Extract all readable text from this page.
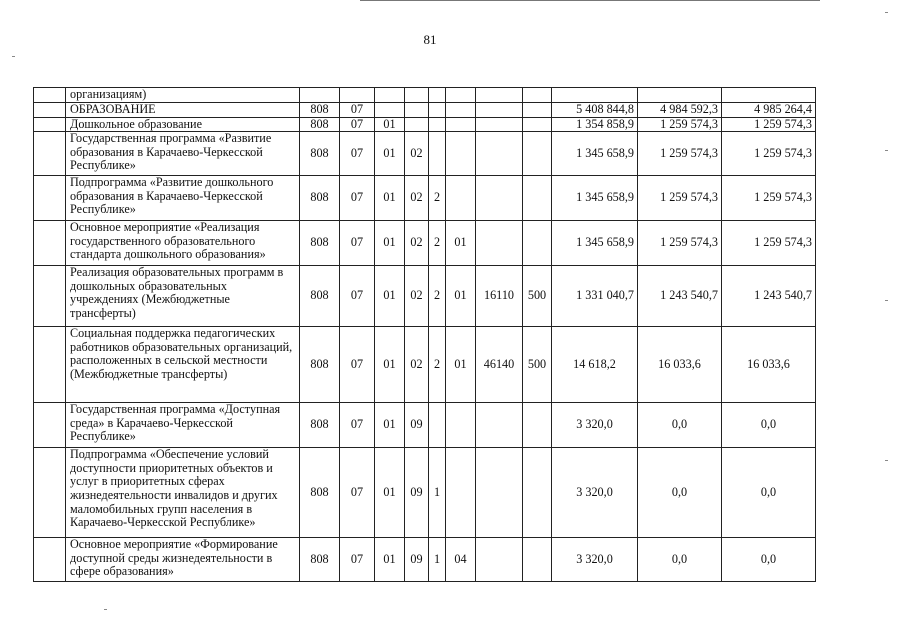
81
	организациям)											
	ОБРАЗОВАНИЕ	808	07							5 408 844,8	4 984 592,3	4 985 264,4
	Дошкольное образование	808	07	01						1 354 858,9	1 259 574,3	1 259 574,3
	Государственная программа «Развитие образования в Карачаево-Черкесской Республике»	808	07	01	02					1 345 658,9	1 259 574,3	1 259 574,3
	Подпрограмма «Развитие дошкольного образования в Карачаево-Черкесской Республике»	808	07	01	02	2				1 345 658,9	1 259 574,3	1 259 574,3
	Основное мероприятие «Реализация государственного образовательного стандарта дошкольного образования»	808	07	01	02	2	01			1 345 658,9	1 259 574,3	1 259 574,3
	Реализация образовательных программ в дошкольных образовательных учреждениях (Межбюджетные трансферты)	808	07	01	02	2	01	16110	500	1 331 040,7	1 243 540,7	1 243 540,7
	Социальная поддержка педагогических работников образовательных организаций, расположенных в сельской местности (Межбюджетные трансферты)	808	07	01	02	2	01	46140	500	14 618,2	16 033,6	16 033,6
	Государственная программа «Доступная среда» в Карачаево-Черкесской Республике»	808	07	01	09					3 320,0	0,0	0,0
	Подпрограмма «Обеспечение условий доступности приоритетных объектов и услуг в приоритетных сферах жизнедеятельности инвалидов и других маломобильных групп населения в Карачаево-Черкесской Республике»	808	07	01	09	1				3 320,0	0,0	0,0
	Основное мероприятие «Формирование доступной среды жизнедеятельности в сфере образования»	808	07	01	09	1	04			3 320,0	0,0	0,0
